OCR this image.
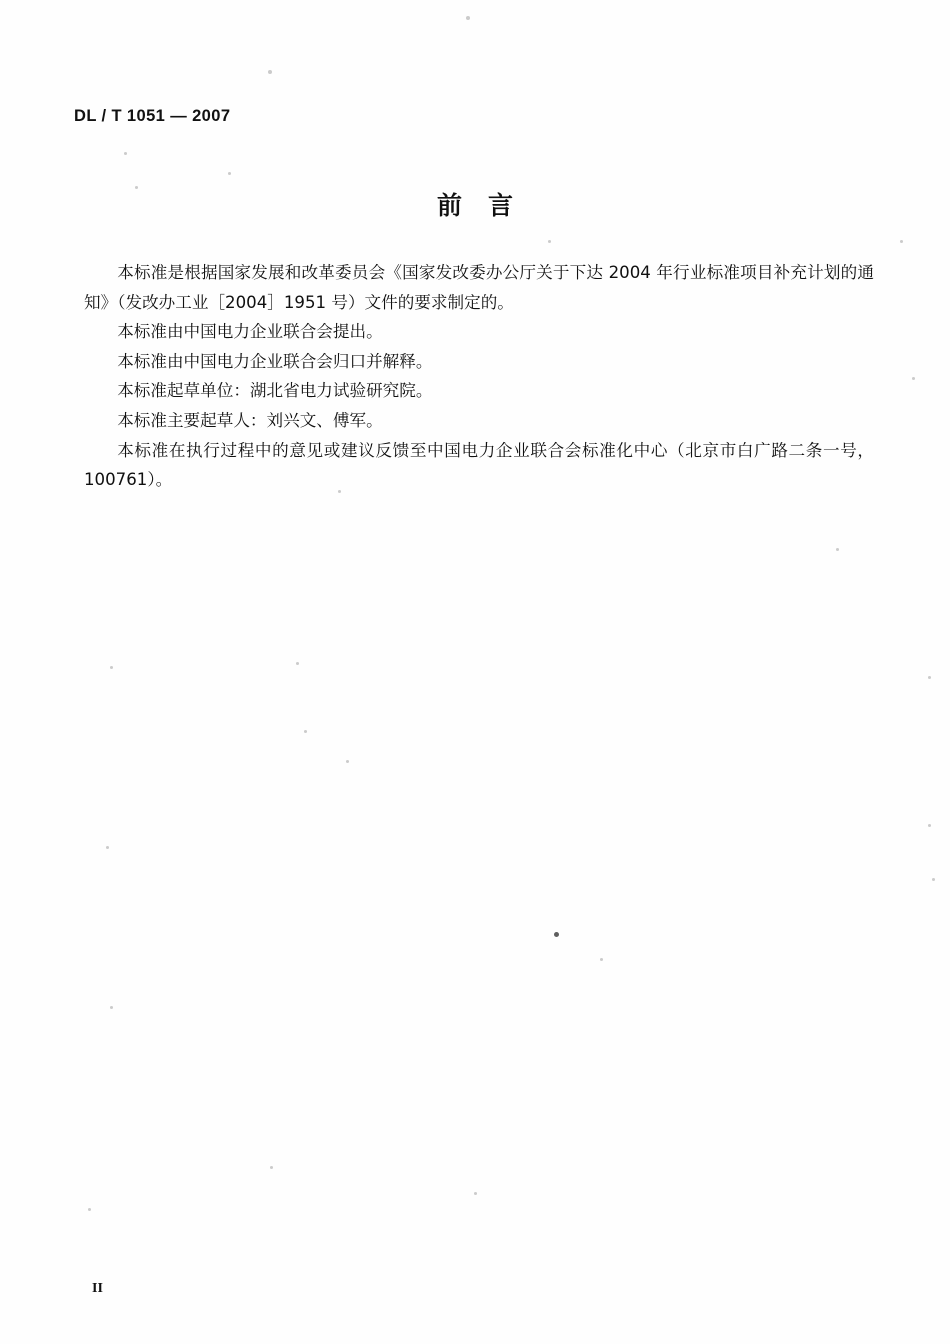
DL / T 1051 — 2007
前言

本标准是根据国家发展和改革委员会《国家发改委办公厅关于下达 2004 年行业标准项目补充计划的通知》（发改办工业［2004］1951 号）文件的要求制定的。

本标准由中国电力企业联合会提出。

本标准由中国电力企业联合会归口并解释。

本标准起草单位：湖北省电力试验研究院。

本标准主要起草人：刘兴文、傅军。

本标准在执行过程中的意见或建议反馈至中国电力企业联合会标准化中心（北京市白广路二条一号，100761）。

II
